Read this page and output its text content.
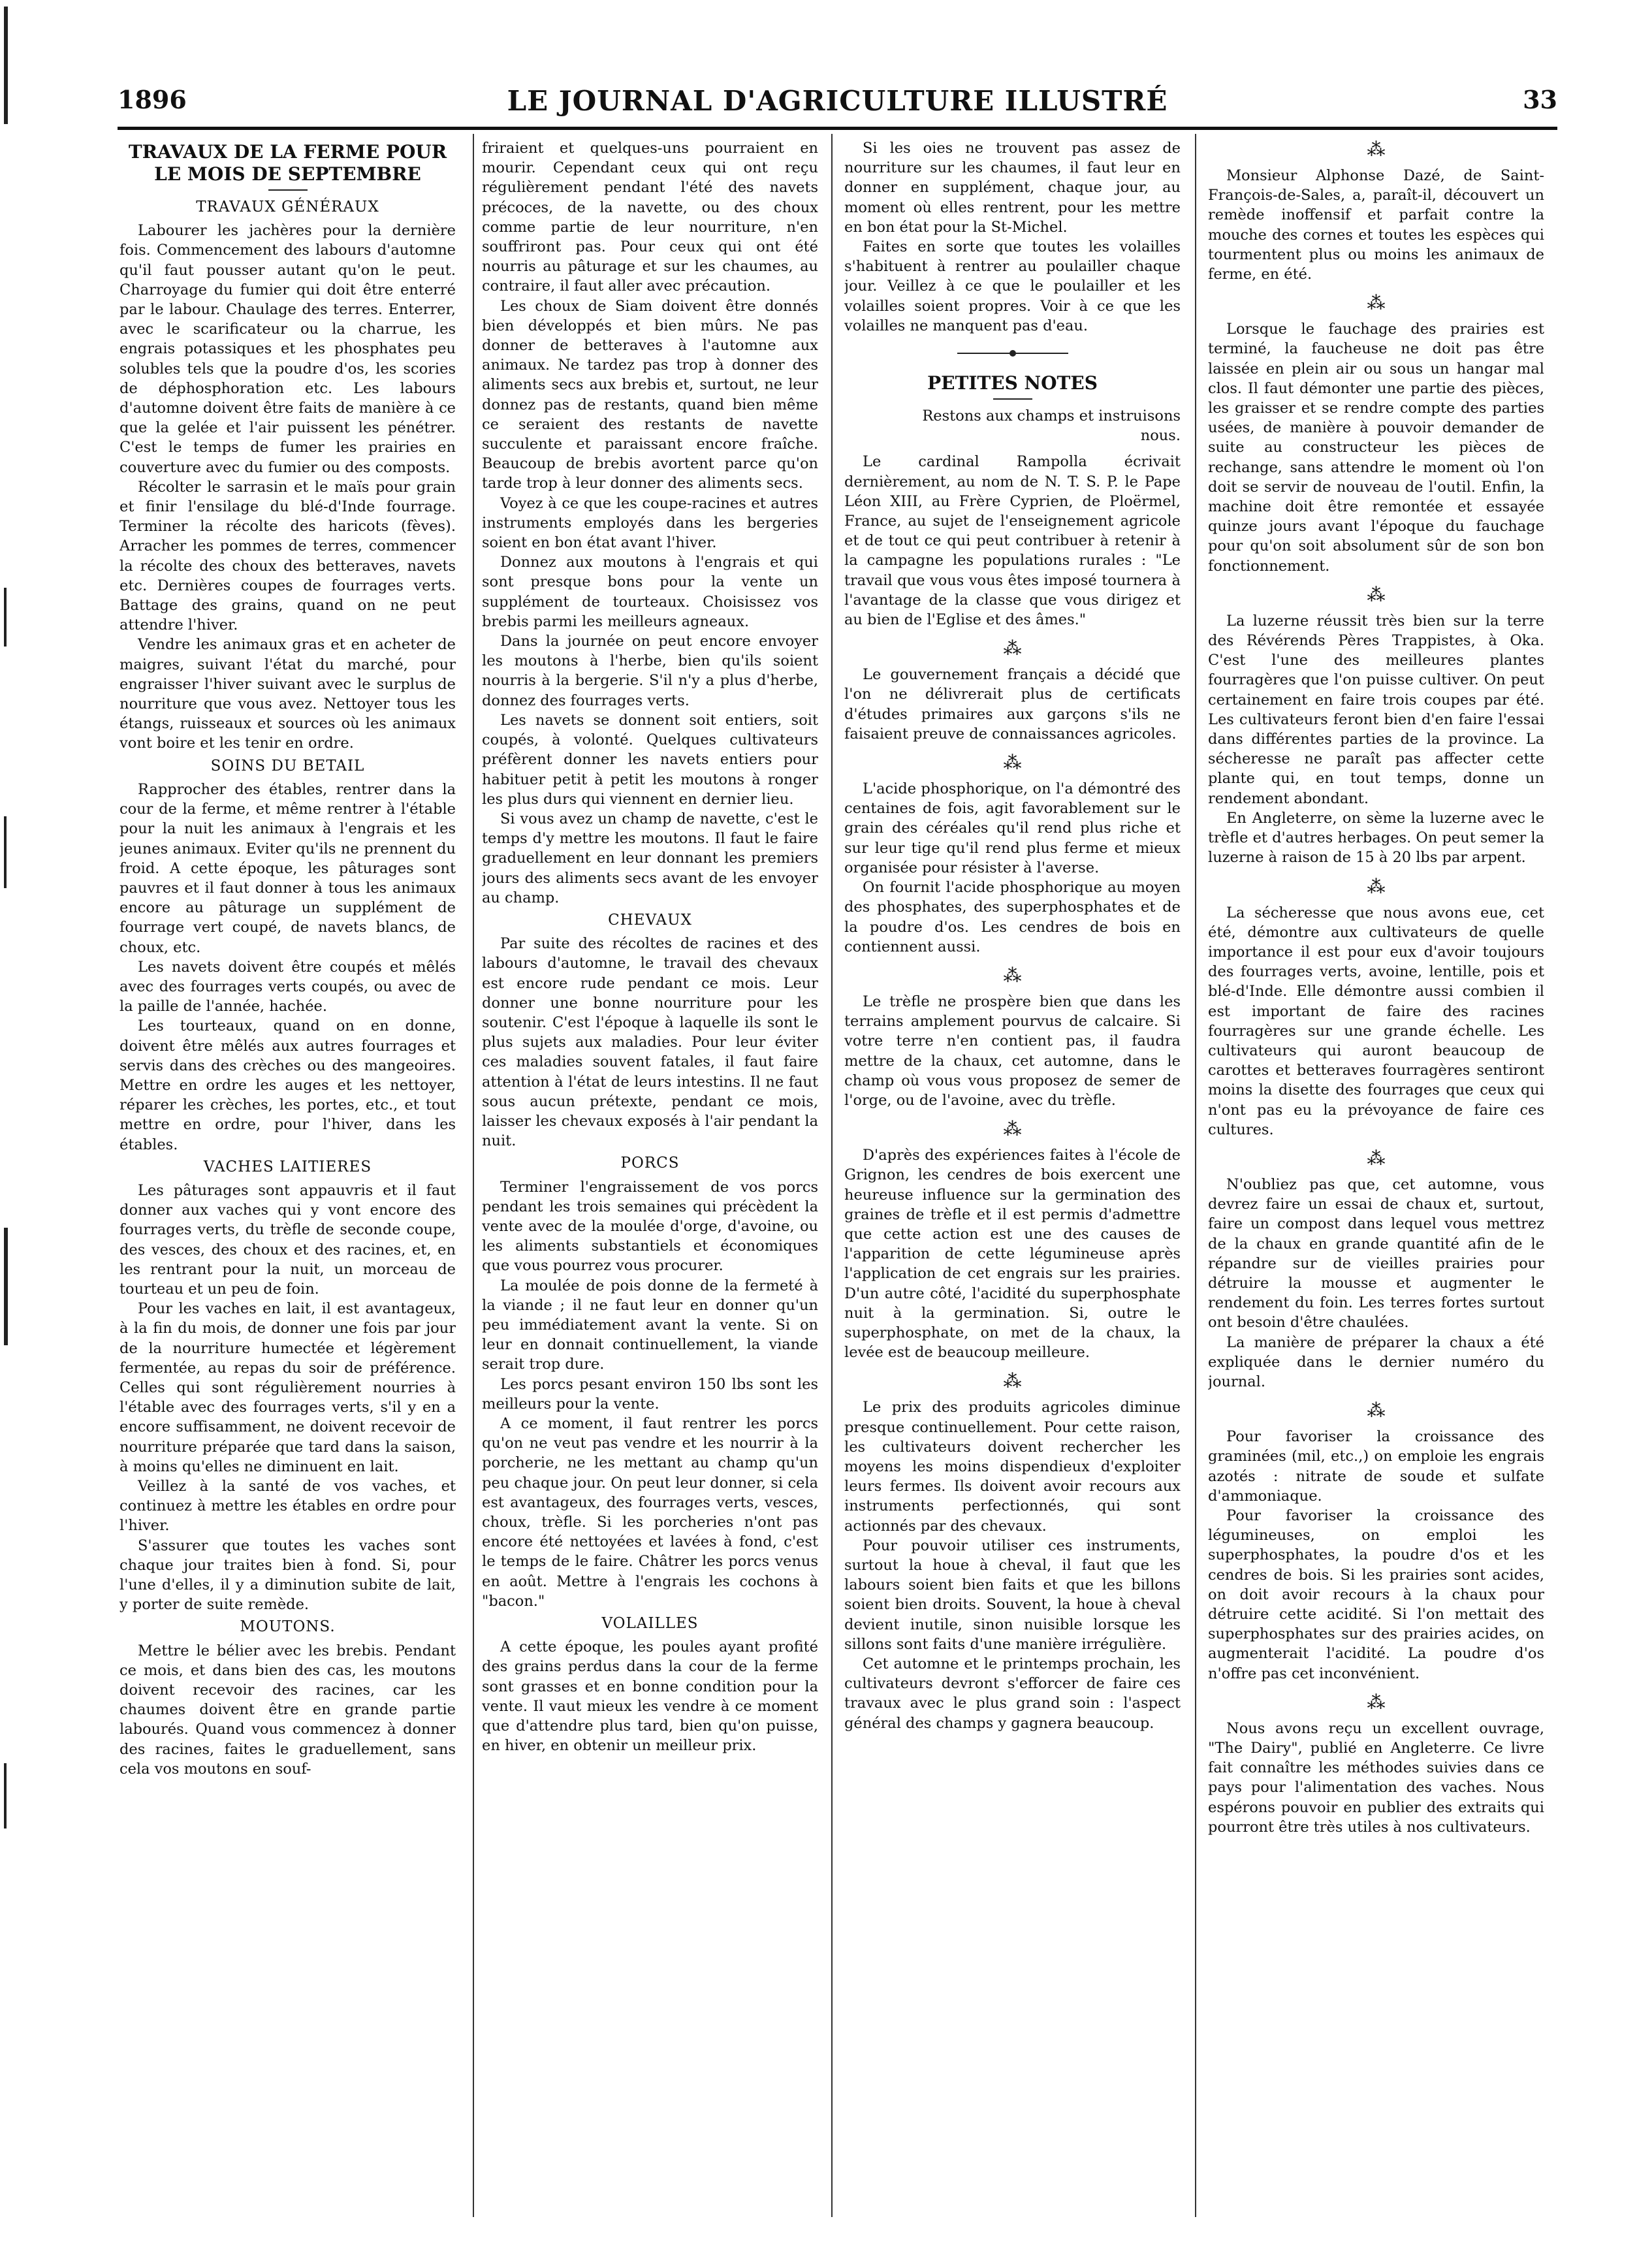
1896	LE JOURNAL D'AGRICULTURE ILLUSTRÉ	33
TRAVAUX DE LA FERME POUR LE MOIS DE SEPTEMBRE
TRAVAUX GÉNÉRAUX

Labourer les jachères pour la dernière fois. Commencement des labours d'automne qu'il faut pousser autant qu'on le peut. Charroyage du fumier qui doit être enterré par le labour. Chaulage des terres. Enterrer, avec le scarificateur ou la charrue, les engrais potassiques et les phosphates peu solubles tels que la poudre d'os, les scories de déphosphoration etc. Les labours d'automne doivent être faits de manière à ce que la gelée et l'air puissent les pénétrer. C'est le temps de fumer les prairies en couverture avec du fumier ou des composts.

Récolter le sarrasin et le maïs pour grain et finir l'ensilage du blé-d'Inde fourrage. Terminer la récolte des haricots (fèves). Arracher les pommes de terres, commencer la récolte des choux des betteraves, navets etc. Dernières coupes de fourrages verts. Battage des grains, quand on ne peut attendre l'hiver.

Vendre les animaux gras et en acheter de maigres, suivant l'état du marché, pour engraisser l'hiver suivant avec le surplus de nourriture que vous avez. Nettoyer tous les étangs, ruisseaux et sources où les animaux vont boire et les tenir en ordre.

SOINS DU BETAIL

Rapprocher des étables, rentrer dans la cour de la ferme, et même rentrer à l'étable pour la nuit les animaux à l'engrais et les jeunes animaux. Eviter qu'ils ne prennent du froid. A cette époque, les pâturages sont pauvres et il faut donner à tous les animaux encore au pâturage un supplément de fourrage vert coupé, de navets blancs, de choux, etc.

Les navets doivent être coupés et mêlés avec des fourrages verts coupés, ou avec de la paille de l'année, hachée.

Les tourteaux, quand on en donne, doivent être mêlés aux autres fourrages et servis dans des crèches ou des mangeoires. Mettre en ordre les auges et les nettoyer, réparer les crèches, les portes, etc., et tout mettre en ordre, pour l'hiver, dans les étables.

VACHES LAITIERES

Les pâturages sont appauvris et il faut donner aux vaches qui y vont encore des fourrages verts, du trèfle de seconde coupe, des vesces, des choux et des racines, et, en les rentrant pour la nuit, un morceau de tourteau et un peu de foin.

Pour les vaches en lait, il est avantageux, à la fin du mois, de donner une fois par jour de la nourriture humectée et légèrement fermentée, au repas du soir de préférence. Celles qui sont régulièrement nourries à l'étable avec des fourrages verts, s'il y en a encore suffisamment, ne doivent recevoir de nourriture préparée que tard dans la saison, à moins qu'elles ne diminuent en lait.

Veillez à la santé de vos vaches, et continuez à mettre les étables en ordre pour l'hiver.

S'assurer que toutes les vaches sont chaque jour traites bien à fond. Si, pour l'une d'elles, il y a diminution subite de lait, y porter de suite remède.

MOUTONS.

Mettre le bélier avec les brebis. Pendant ce mois, et dans bien des cas, les moutons doivent recevoir des racines, car les chaumes doivent être en grande partie labourés. Quand vous commencez à donner des racines, faites le graduellement, sans cela vos moutons en souf-

friraient et quelques-uns pourraient en mourir. Cependant ceux qui ont reçu régulièrement pendant l'été des navets précoces, de la navette, ou des choux comme partie de leur nourriture, n'en souffriront pas. Pour ceux qui ont été nourris au pâturage et sur les chaumes, au contraire, il faut aller avec précaution.

Les choux de Siam doivent être donnés bien développés et bien mûrs. Ne pas donner de betteraves à l'automne aux animaux. Ne tardez pas trop à donner des aliments secs aux brebis et, surtout, ne leur donnez pas de restants, quand bien même ce seraient des restants de navette succulente et paraissant encore fraîche. Beaucoup de brebis avortent parce qu'on tarde trop à leur donner des aliments secs.

Voyez à ce que les coupe-racines et autres instruments employés dans les bergeries soient en bon état avant l'hiver.

Donnez aux moutons à l'engrais et qui sont presque bons pour la vente un supplément de tourteaux. Choisissez vos brebis parmi les meilleurs agneaux.

Dans la journée on peut encore envoyer les moutons à l'herbe, bien qu'ils soient nourris à la bergerie. S'il n'y a plus d'herbe, donnez des fourrages verts.

Les navets se donnent soit entiers, soit coupés, à volonté. Quelques cultivateurs préfèrent donner les navets entiers pour habituer petit à petit les moutons à ronger les plus durs qui viennent en dernier lieu.

Si vous avez un champ de navette, c'est le temps d'y mettre les moutons. Il faut le faire graduellement en leur donnant les premiers jours des aliments secs avant de les envoyer au champ.

CHEVAUX

Par suite des récoltes de racines et des labours d'automne, le travail des chevaux est encore rude pendant ce mois. Leur donner une bonne nourriture pour les soutenir. C'est l'époque à laquelle ils sont le plus sujets aux maladies. Pour leur éviter ces maladies souvent fatales, il faut faire attention à l'état de leurs intestins. Il ne faut sous aucun prétexte, pendant ce mois, laisser les chevaux exposés à l'air pendant la nuit.

PORCS

Terminer l'engraissement de vos porcs pendant les trois semaines qui précèdent la vente avec de la moulée d'orge, d'avoine, ou les aliments substantiels et économiques que vous pourrez vous procurer.

La moulée de pois donne de la fermeté à la viande ; il ne faut leur en donner qu'un peu immédiatement avant la vente. Si on leur en donnait continuellement, la viande serait trop dure.

Les porcs pesant environ 150 lbs sont les meilleurs pour la vente.

A ce moment, il faut rentrer les porcs qu'on ne veut pas vendre et les nourrir à la porcherie, ne les mettant au champ qu'un peu chaque jour. On peut leur donner, si cela est avantageux, des fourrages verts, vesces, choux, trèfle. Si les porcheries n'ont pas encore été nettoyées et lavées à fond, c'est le temps de le faire. Châtrer les porcs venus en août. Mettre à l'engrais les cochons à "bacon."

VOLAILLES

A cette époque, les poules ayant profité des grains perdus dans la cour de la ferme sont grasses et en bonne condition pour la vente. Il vaut mieux les vendre à ce moment que d'attendre plus tard, bien qu'on puisse, en hiver, en obtenir un meilleur prix.

Si les oies ne trouvent pas assez de nourriture sur les chaumes, il faut leur en donner en supplément, chaque jour, au moment où elles rentrent, pour les mettre en bon état pour la St-Michel.

Faites en sorte que toutes les volailles s'habituent à rentrer au poulailler chaque jour. Veillez à ce que le poulailler et les volailles soient propres. Voir à ce que les volailles ne manquent pas d'eau.

PETITES NOTES

Restons aux champs et instruisons nous.

Le cardinal Rampolla écrivait dernièrement, au nom de N. T. S. P. le Pape Léon XIII, au Frère Cyprien, de Ploërmel, France, au sujet de l'enseignement agricole et de tout ce qui peut contribuer à retenir à la campagne les populations rurales : "Le travail que vous vous êtes imposé tournera à l'avantage de la classe que vous dirigez et au bien de l'Eglise et des âmes."

⁂

Le gouvernement français a décidé que l'on ne délivrerait plus de certificats d'études primaires aux garçons s'ils ne faisaient preuve de connaissances agricoles.

⁂

L'acide phosphorique, on l'a démontré des centaines de fois, agit favorablement sur le grain des céréales qu'il rend plus riche et sur leur tige qu'il rend plus ferme et mieux organisée pour résister à l'averse.

On fournit l'acide phosphorique au moyen des phosphates, des superphosphates et de la poudre d'os. Les cendres de bois en contiennent aussi.

⁂

Le trèfle ne prospère bien que dans les terrains amplement pourvus de calcaire. Si votre terre n'en contient pas, il faudra mettre de la chaux, cet automne, dans le champ où vous vous proposez de semer de l'orge, ou de l'avoine, avec du trèfle.

⁂

D'après des expériences faites à l'école de Grignon, les cendres de bois exercent une heureuse influence sur la germination des graines de trèfle et il est permis d'admettre que cette action est une des causes de l'apparition de cette légumineuse après l'application de cet engrais sur les prairies. D'un autre côté, l'acidité du superphosphate nuit à la germination. Si, outre le superphosphate, on met de la chaux, la levée est de beaucoup meilleure.

⁂

Le prix des produits agricoles diminue presque continuellement. Pour cette raison, les cultivateurs doivent rechercher les moyens les moins dispendieux d'exploiter leurs fermes. Ils doivent avoir recours aux instruments perfectionnés, qui sont actionnés par des chevaux.

Pour pouvoir utiliser ces instruments, surtout la houe à cheval, il faut que les labours soient bien faits et que les billons soient bien droits. Souvent, la houe à cheval devient inutile, sinon nuisible lorsque les sillons sont faits d'une manière irrégulière.

Cet automne et le printemps prochain, les cultivateurs devront s'efforcer de faire ces travaux avec le plus grand soin : l'aspect général des champs y gagnera beaucoup.

⁂

Monsieur Alphonse Dazé, de Saint-François-de-Sales, a, paraît-il, découvert un remède inoffensif et parfait contre la mouche des cornes et toutes les espèces qui tourmentent plus ou moins les animaux de ferme, en été.

⁂

Lorsque le fauchage des prairies est terminé, la faucheuse ne doit pas être laissée en plein air ou sous un hangar mal clos. Il faut démonter une partie des pièces, les graisser et se rendre compte des parties usées, de manière à pouvoir demander de suite au constructeur les pièces de rechange, sans attendre le moment où l'on doit se servir de nouveau de l'outil. Enfin, la machine doit être remontée et essayée quinze jours avant l'époque du fauchage pour qu'on soit absolument sûr de son bon fonctionnement.

⁂

La luzerne réussit très bien sur la terre des Révérends Pères Trappistes, à Oka. C'est l'une des meilleures plantes fourragères que l'on puisse cultiver. On peut certainement en faire trois coupes par été. Les cultivateurs feront bien d'en faire l'essai dans différentes parties de la province. La sécheresse ne paraît pas affecter cette plante qui, en tout temps, donne un rendement abondant.

En Angleterre, on sème la luzerne avec le trèfle et d'autres herbages. On peut semer la luzerne à raison de 15 à 20 lbs par arpent.

⁂

La sécheresse que nous avons eue, cet été, démontre aux cultivateurs de quelle importance il est pour eux d'avoir toujours des fourrages verts, avoine, lentille, pois et blé-d'Inde. Elle démontre aussi combien il est important de faire des racines fourragères sur une grande échelle. Les cultivateurs qui auront beaucoup de carottes et betteraves fourragères sentiront moins la disette des fourrages que ceux qui n'ont pas eu la prévoyance de faire ces cultures.

⁂

N'oubliez pas que, cet automne, vous devrez faire un essai de chaux et, surtout, faire un compost dans lequel vous mettrez de la chaux en grande quantité afin de le répandre sur de vieilles prairies pour détruire la mousse et augmenter le rendement du foin. Les terres fortes surtout ont besoin d'être chaulées.

La manière de préparer la chaux a été expliquée dans le dernier numéro du journal.

⁂

Pour favoriser la croissance des graminées (mil, etc.,) on emploie les engrais azotés : nitrate de soude et sulfate d'ammoniaque.

Pour favoriser la croissance des légumineuses, on emploi les superphosphates, la poudre d'os et les cendres de bois. Si les prairies sont acides, on doit avoir recours à la chaux pour détruire cette acidité. Si l'on mettait des superphosphates sur des prairies acides, on augmenterait l'acidité. La poudre d'os n'offre pas cet inconvénient.

⁂

Nous avons reçu un excellent ouvrage, "The Dairy", publié en Angleterre. Ce livre fait connaître les méthodes suivies dans ce pays pour l'alimentation des vaches. Nous espérons pouvoir en publier des extraits qui pourront être très utiles à nos cultivateurs.
